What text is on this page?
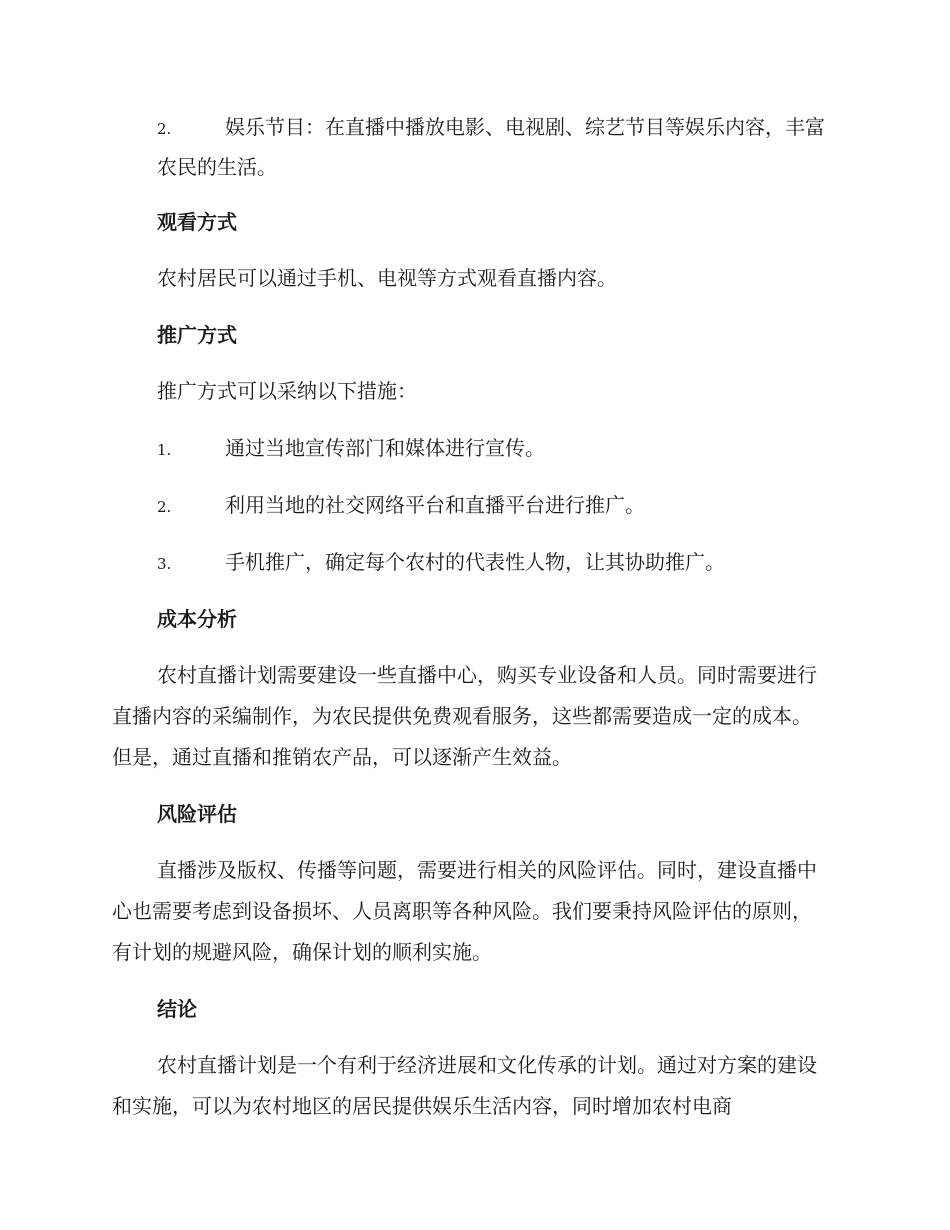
2.	娱乐节目：在直播中播放电影、电视剧、综艺节目等娱乐内容，丰富农民的生活。
观看方式
农村居民可以通过手机、电视等方式观看直播内容。
推广方式
推广方式可以采纳以下措施：
1.	通过当地宣传部门和媒体进行宣传。
2.	利用当地的社交网络平台和直播平台进行推广。
3.	手机推广，确定每个农村的代表性人物，让其协助推广。
成本分析
农村直播计划需要建设一些直播中心，购买专业设备和人员。同时需要进行直播内容的采编制作，为农民提供免费观看服务，这些都需要造成一定的成本。但是，通过直播和推销农产品，可以逐渐产生效益。
风险评估
直播涉及版权、传播等问题，需要进行相关的风险评估。同时，建设直播中心也需要考虑到设备损坏、人员离职等各种风险。我们要秉持风险评估的原则，有计划的规避风险，确保计划的顺利实施。
结论
农村直播计划是一个有利于经济进展和文化传承的计划。通过对方案的建设和实施，可以为农村地区的居民提供娱乐生活内容，同时增加农村电商
